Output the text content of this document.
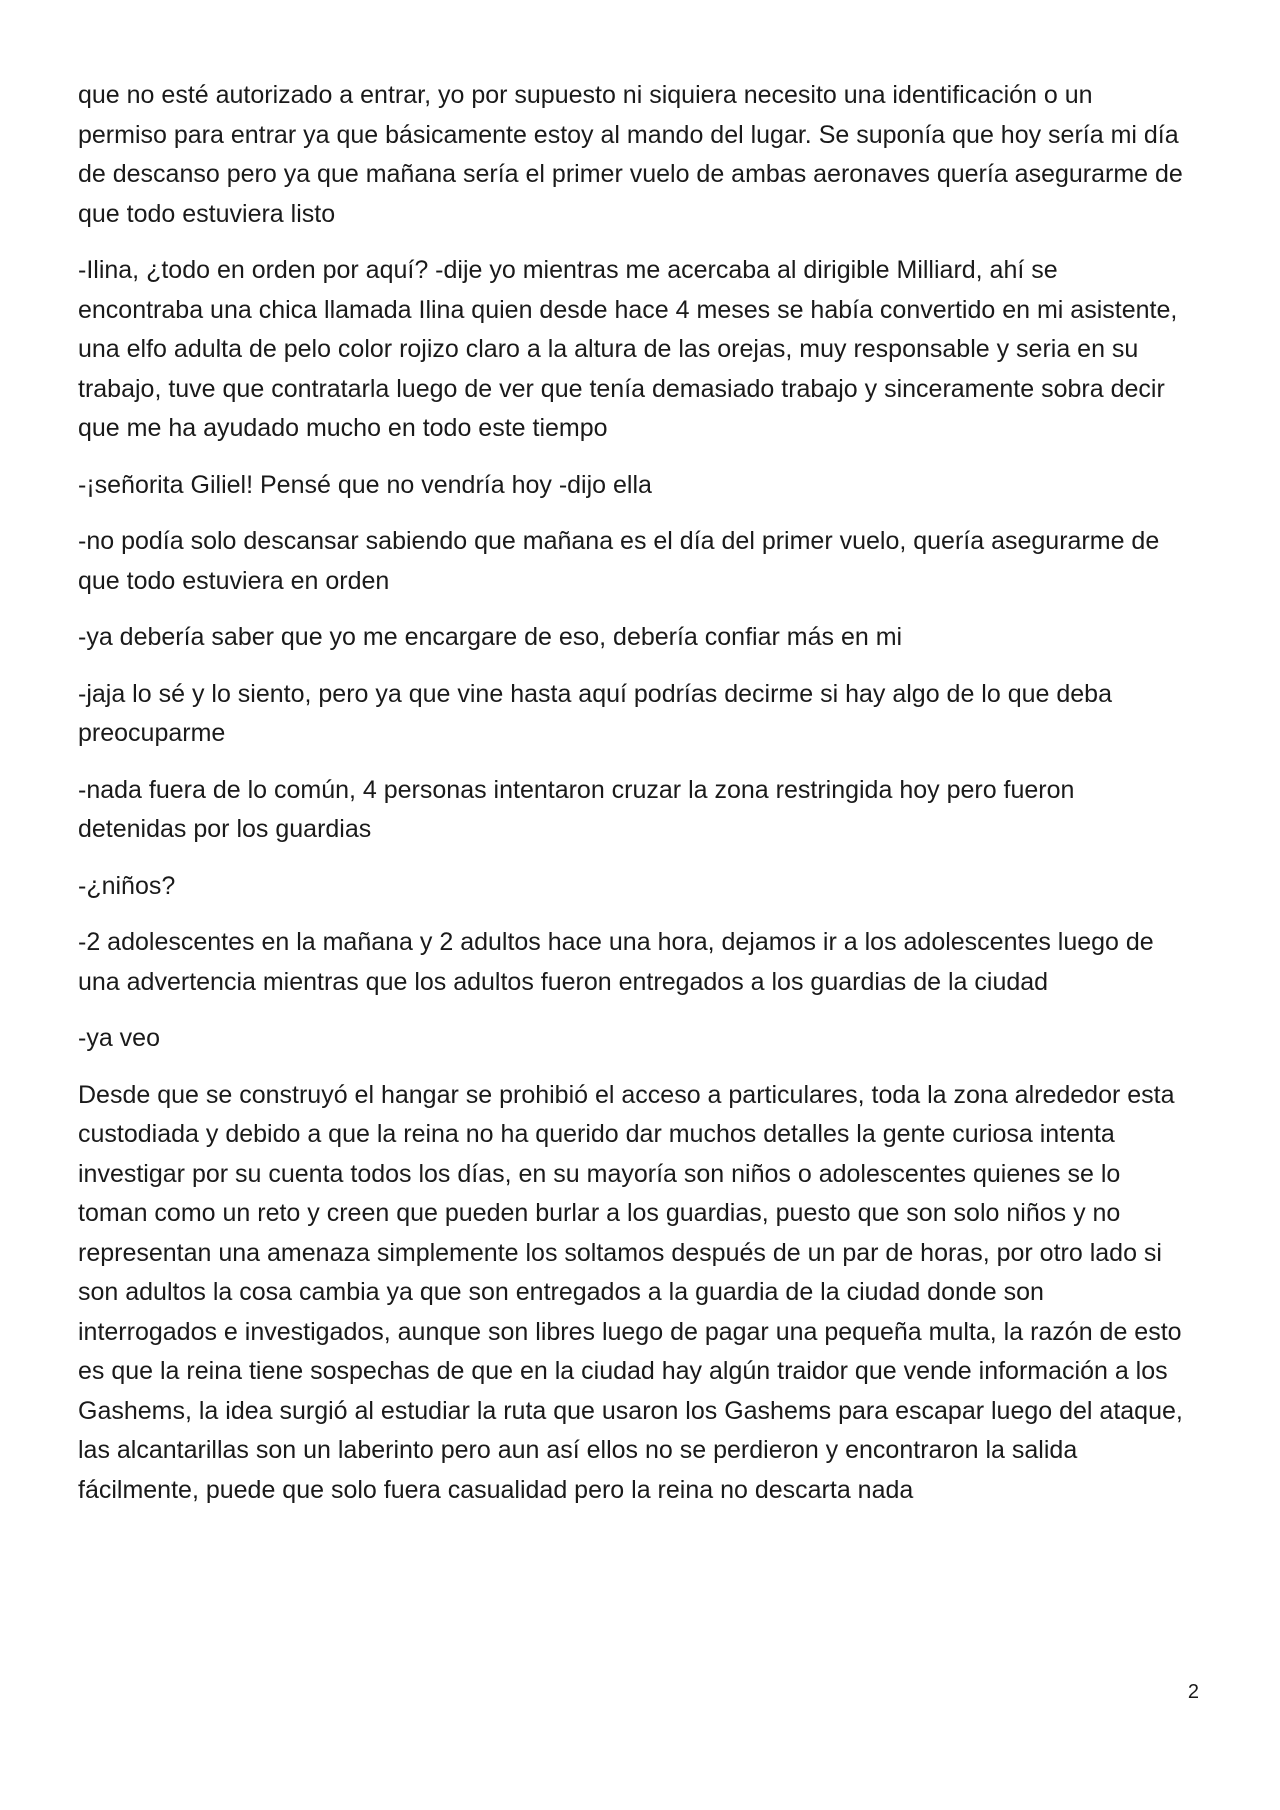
que no esté autorizado a entrar, yo por supuesto ni siquiera necesito una identificación o un permiso para entrar ya que básicamente estoy al mando del lugar. Se suponía que hoy sería mi día de descanso pero ya que mañana sería el primer vuelo de ambas aeronaves quería asegurarme de que todo estuviera listo

-Ilina, ¿todo en orden por aquí? -dije yo mientras me acercaba al dirigible Milliard, ahí se encontraba una chica llamada Ilina quien desde hace 4 meses se había convertido en mi asistente, una elfo adulta de pelo color rojizo claro a la altura de las orejas, muy responsable y seria en su trabajo, tuve que contratarla luego de ver que tenía demasiado trabajo y sinceramente sobra decir que me ha ayudado mucho en todo este tiempo

-¡señorita Giliel! Pensé que no vendría hoy -dijo ella

-no podía solo descansar sabiendo que mañana es el día del primer vuelo, quería asegurarme de que todo estuviera en orden

-ya debería saber que yo me encargare de eso, debería confiar más en mi

-jaja lo sé y lo siento, pero ya que vine hasta aquí podrías decirme si hay algo de lo que deba preocuparme

-nada fuera de lo común, 4 personas intentaron cruzar la zona restringida hoy pero fueron detenidas por los guardias

-¿niños?

-2 adolescentes en la mañana y 2 adultos hace una hora, dejamos ir a los adolescentes luego de una advertencia mientras que los adultos fueron entregados a los guardias de la ciudad

-ya veo

Desde que se construyó el hangar se prohibió el acceso a particulares, toda la zona alrededor esta custodiada y debido a que la reina no ha querido dar muchos detalles la gente curiosa intenta investigar por su cuenta todos los días, en su mayoría son niños o adolescentes quienes se lo toman como un reto y creen que pueden burlar a los guardias, puesto que son solo niños y no representan una amenaza simplemente los soltamos después de un par de horas, por otro lado si son adultos la cosa cambia ya que son entregados a la guardia de la ciudad donde son interrogados e investigados, aunque son libres luego de pagar una pequeña multa, la razón de esto es que la reina tiene sospechas de que en la ciudad hay algún traidor que vende información a los Gashems, la idea surgió al estudiar la ruta que usaron los Gashems para escapar luego del ataque, las alcantarillas son un laberinto pero aun así ellos no se perdieron y encontraron la salida fácilmente, puede que solo fuera casualidad pero la reina no descarta nada

2
